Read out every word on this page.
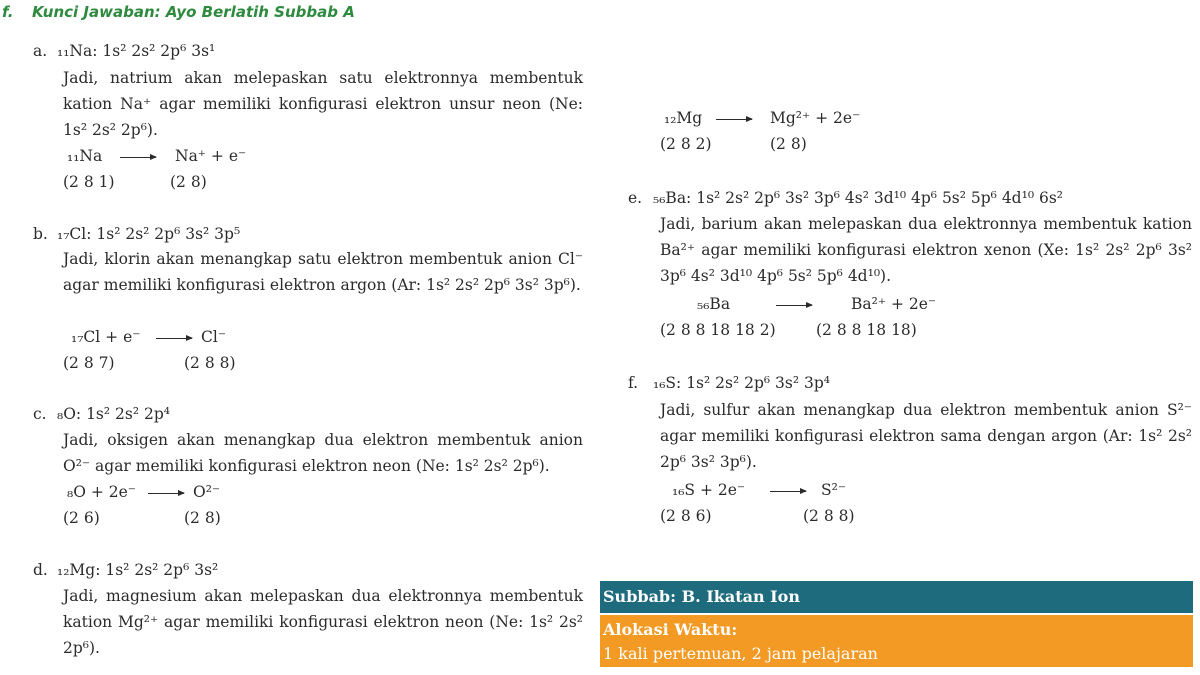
f. Kunci Jawaban: Ayo Berlatih Subbab A
a. ₁₁Na: 1s² 2s² 2p⁶ 3s¹
Jadi, natrium akan melepaskan satu elektronnya membentuk kation Na⁺ agar memiliki konfigurasi elektron unsur neon (Ne: 1s² 2s² 2p⁶).
₁₁Na	Na⁺ + e⁻
(2 8 1)	(2 8)
b. ₁₇Cl: 1s² 2s² 2p⁶ 3s² 3p⁵
Jadi, klorin akan menangkap satu elektron membentuk anion Cl⁻ agar memiliki konfigurasi elektron argon (Ar: 1s² 2s² 2p⁶ 3s² 3p⁶).
₁₇Cl + e⁻	Cl⁻
(2 8 7)	(2 8 8)
c. ₈O: 1s² 2s² 2p⁴
Jadi, oksigen akan menangkap dua elektron membentuk anion O²⁻ agar memiliki konfigurasi elektron neon (Ne: 1s² 2s² 2p⁶).
₈O + 2e⁻	O²⁻
(2 6)	(2 8)
d. ₁₂Mg: 1s² 2s² 2p⁶ 3s²
Jadi, magnesium akan melepaskan dua elektronnya membentuk kation Mg²⁺ agar memiliki konfigurasi elektron neon (Ne: 1s² 2s² 2p⁶).
₁₂Mg	Mg²⁺ + 2e⁻
(2 8 2)	(2 8)
e. ₅₆Ba: 1s² 2s² 2p⁶ 3s² 3p⁶ 4s² 3d¹⁰ 4p⁶ 5s² 5p⁶ 4d¹⁰ 6s²
Jadi, barium akan melepaskan dua elektronnya membentuk kation Ba²⁺ agar memiliki konfigurasi elektron xenon (Xe: 1s² 2s² 2p⁶ 3s² 3p⁶ 4s² 3d¹⁰ 4p⁶ 5s² 5p⁶ 4d¹⁰).
₅₆Ba	Ba²⁺ + 2e⁻
(2 8 8 18 18 2)	(2 8 8 18 18)
f. ₁₆S: 1s² 2s² 2p⁶ 3s² 3p⁴
Jadi, sulfur akan menangkap dua elektron membentuk anion S²⁻ agar memiliki konfigurasi elektron sama dengan argon (Ar: 1s² 2s² 2p⁶ 3s² 3p⁶).
₁₆S + 2e⁻	S²⁻
(2 8 6)	(2 8 8)
Subbab: B. Ikatan Ion
Alokasi Waktu:
1 kali pertemuan, 2 jam pelajaran
